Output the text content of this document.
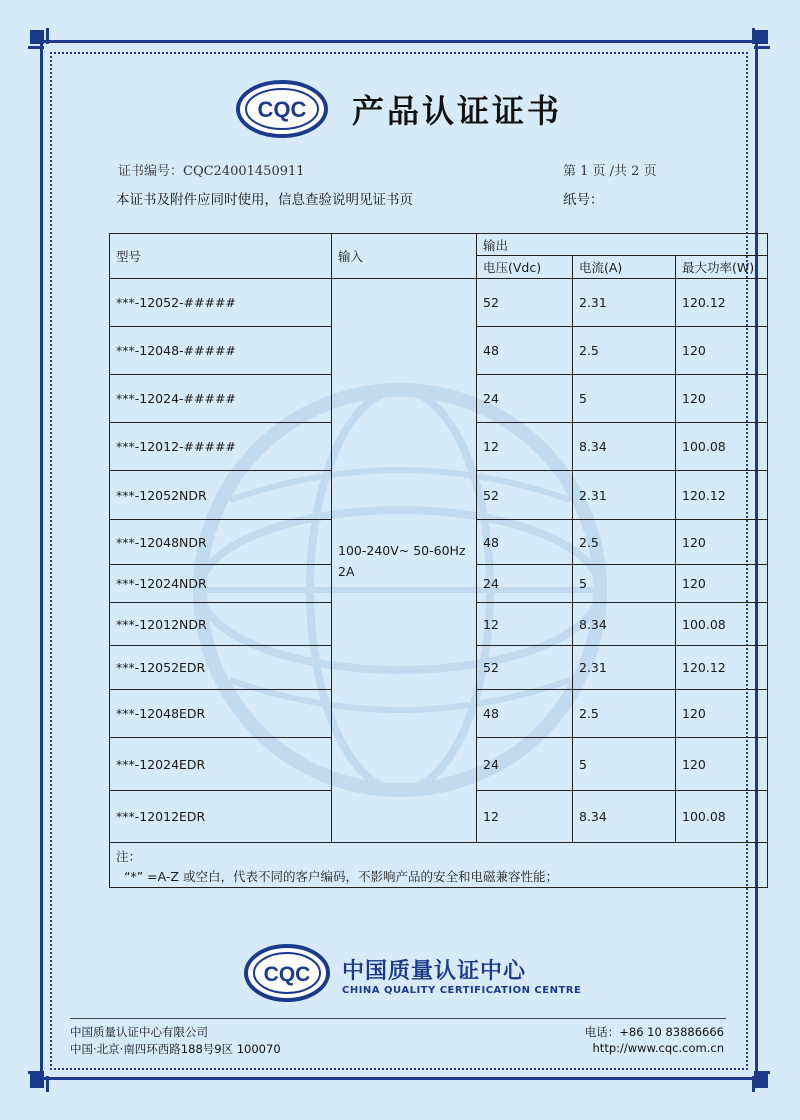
CQC 产品认证证书
证书编号：CQC24001450911	第 1 页 /共 2 页
本证书及附件应同时使用，信息查验说明见证书页	纸号：
型号	输入	输出		
		电压(Vdc)	电流(A)	最大功率(W)
***-12052-#####	100-240V~ 50-60Hz 2A	52	2.31	120.12
***-12048-#####		48	2.5	120
***-12024-#####		24	5	120
***-12012-#####		12	8.34	100.08
***-12052NDR		52	2.31	120.12
***-12048NDR		48	2.5	120
***-12024NDR		24	5	120
***-12012NDR		12	8.34	100.08
***-12052EDR		52	2.31	120.12
***-12048EDR		48	2.5	120
***-12024EDR		24	5	120
***-12012EDR		12	8.34	100.08

注：
“*” =A-Z 或空白，代表不同的客户编码，不影响产品的安全和电磁兼容性能；				
CQC 中国质量认证中心
CHINA QUALITY CERTIFICATION CENTRE
中国质量认证中心有限公司
中国·北京·南四环西路188号9区 100070
电话：+86 10 83886666
http://www.cqc.com.cn
